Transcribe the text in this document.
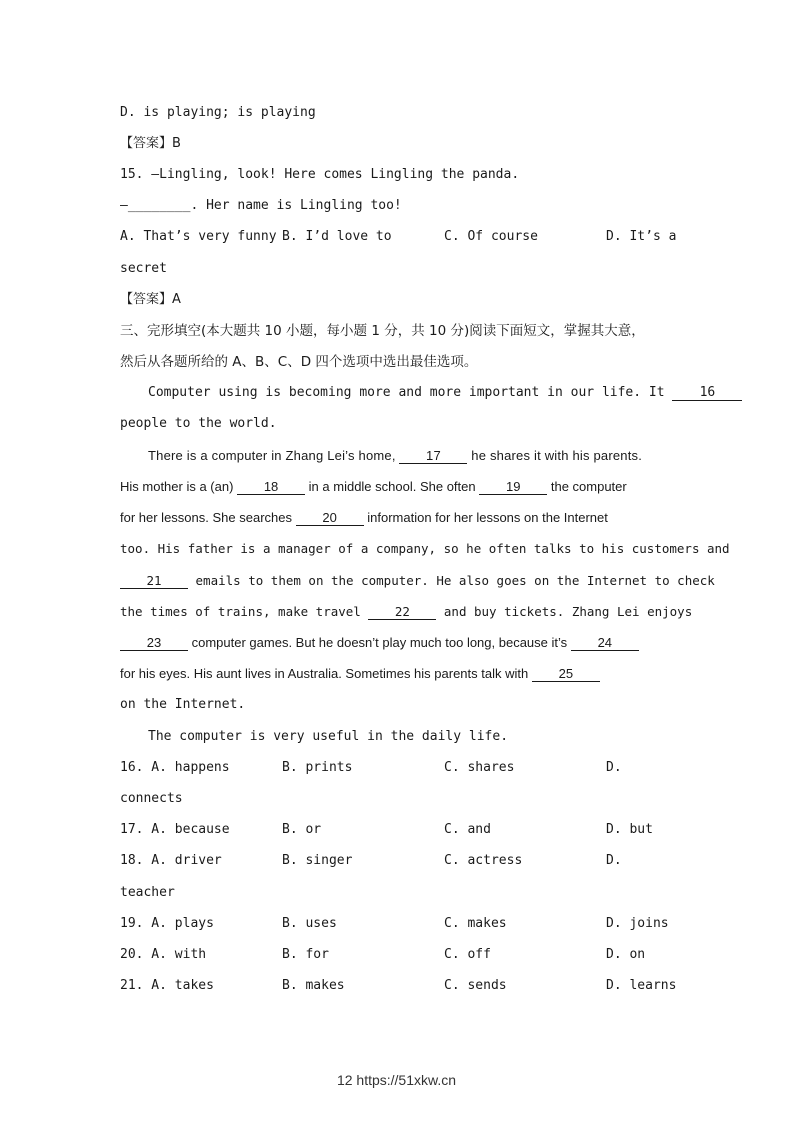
D. is playing; is playing
【答案】B
15. —Lingling, look! Here comes Lingling the panda.
—________. Her name is Lingling too!
A. That’s very funny B. I’d love to	C. Of course	D. It’s a
secret
【答案】A
三、完形填空(本大题共 10 小题，每小题 1 分，共 10 分)阅读下面短文，掌握其大意，
然后从各题所给的 A、B、C、D 四个选项中选出最佳选项。
Computer using is becoming more and more important in our life. It	16
people to the world.
There is a computer in Zhang Lei’s home, 17 he shares it with his parents.
His mother is a (an) 18 in a middle school. She often 19 the computer
for her lessons. She searches 20 information for her lessons on the Internet
too. His father is a manager of a company, so he often talks to his customers and
21	emails to them on the computer. He also goes on the Internet to check
the times of trains, make travel	22	and buy tickets. Zhang Lei enjoys
23 computer games. But he doesn’t play much too long, because it’s 24
for his eyes. His aunt lives in Australia. Sometimes his parents talk with 25
on the Internet.
The computer is very useful in the daily life.
16. A. happens	B. prints	C. shares	D.
connects
17. A. because	B. or	C. and	D. but
18. A. driver	B. singer	C. actress	D.
teacher
19. A. plays	B. uses	C. makes	D. joins
20. A. with	B. for	C. off	D. on
21. A. takes	B. makes	C. sends	D. learns
12 https://51xkw.cn
